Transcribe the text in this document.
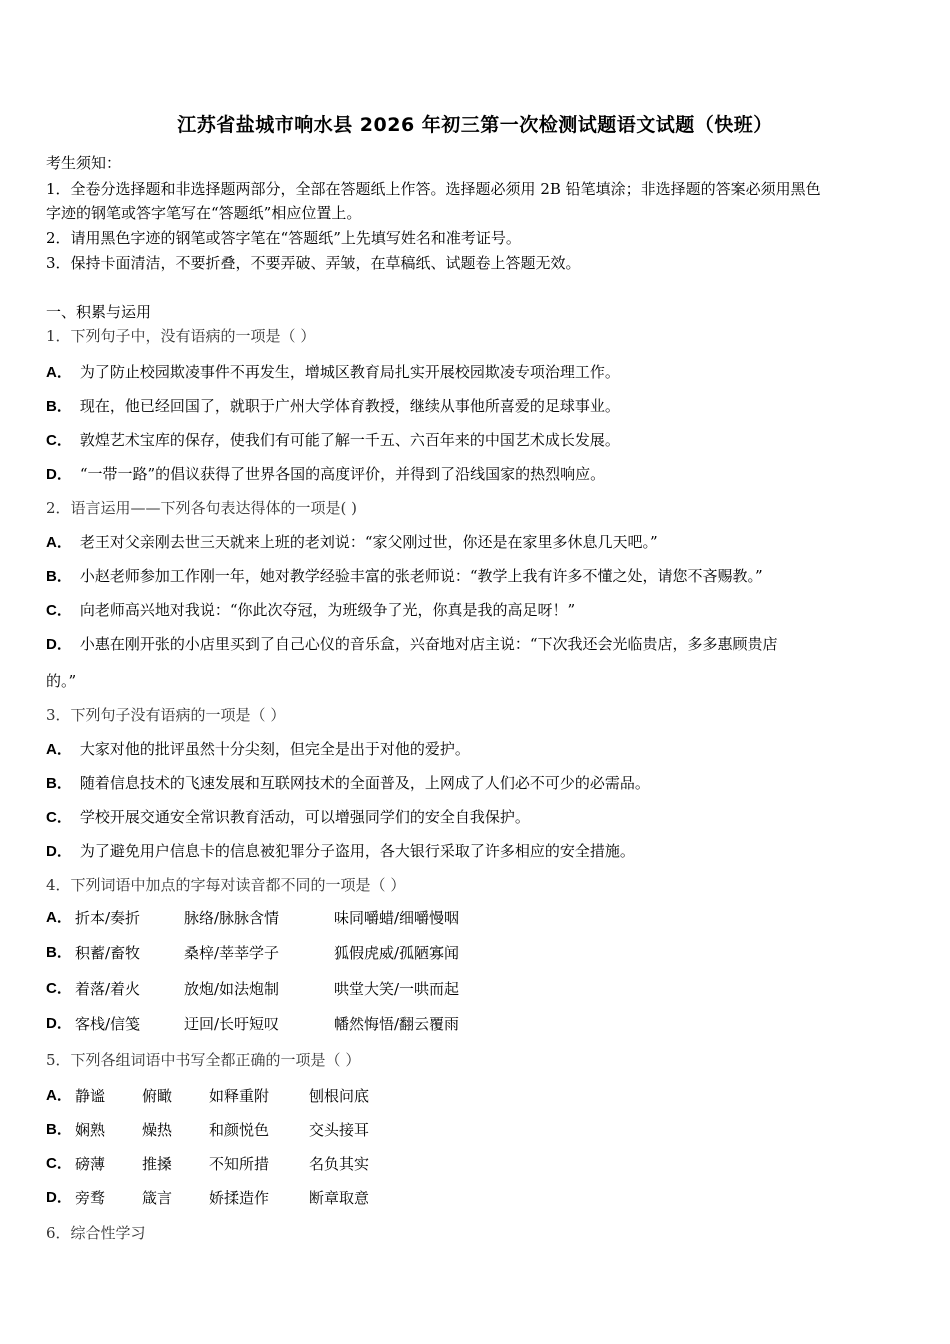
江苏省盐城市响水县 2026 年初三第一次检测试题语文试题（快班）
考生须知：
1．全卷分选择题和非选择题两部分，全部在答题纸上作答。选择题必须用 2B 铅笔填涂；非选择题的答案必须用黑色
字迹的钢笔或答字笔写在“答题纸”相应位置上。
2．请用黑色字迹的钢笔或答字笔在“答题纸”上先填写姓名和准考证号。
3．保持卡面清洁，不要折叠，不要弄破、弄皱，在草稿纸、试题卷上答题无效。
一、积累与运用
1．下列句子中，没有语病的一项是（ ）
A． 为了防止校园欺凌事件不再发生，增城区教育局扎实开展校园欺凌专项治理工作。
B． 现在，他已经回国了，就职于广州大学体育教授，继续从事他所喜爱的足球事业。
C． 敦煌艺术宝库的保存，使我们有可能了解一千五、六百年来的中国艺术成长发展。
D． “一带一路”的倡议获得了世界各国的高度评价，并得到了沿线国家的热烈响应。
2．语言运用——下列各句表达得体的一项是( )
A． 老王对父亲刚去世三天就来上班的老刘说：“家父刚过世，你还是在家里多休息几天吧。”
B． 小赵老师参加工作刚一年，她对教学经验丰富的张老师说：“教学上我有许多不懂之处，请您不吝赐教。”
C． 向老师高兴地对我说：“你此次夺冠，为班级争了光，你真是我的高足呀！”
D． 小惠在刚开张的小店里买到了自己心仪的音乐盒，兴奋地对店主说：“下次我还会光临贵店，多多惠顾贵店
的。”
3．下列句子没有语病的一项是（ ）
A． 大家对他的批评虽然十分尖刻，但完全是出于对他的爱护。
B． 随着信息技术的飞速发展和互联网技术的全面普及，上网成了人们必不可少的必需品。
C． 学校开展交通安全常识教育活动，可以增强同学们的安全自我保护。
D． 为了避免用户信息卡的信息被犯罪分子盗用，各大银行采取了许多相应的安全措施。
4．下列词语中加点的字每对读音都不同的一项是（ ）
A． 折本/奏折	脉络/脉脉含情	味同嚼蜡/细嚼慢咽
B． 积蓄/畜牧	桑梓/莘莘学子	狐假虎威/孤陋寡闻
C． 着落/着火	放炮/如法炮制	哄堂大笑/一哄而起
D． 客栈/信笺	迂回/长吁短叹	幡然悔悟/翻云覆雨
5．下列各组词语中书写全都正确的一项是（ ）
A． 静谧 俯瞰 如释重附	刨根问底
B． 娴熟 燥热 和颜悦色	交头接耳
C． 磅薄 推搡 不知所措	名负其实
D． 旁骛 箴言 娇揉造作	断章取意
6．综合性学习
